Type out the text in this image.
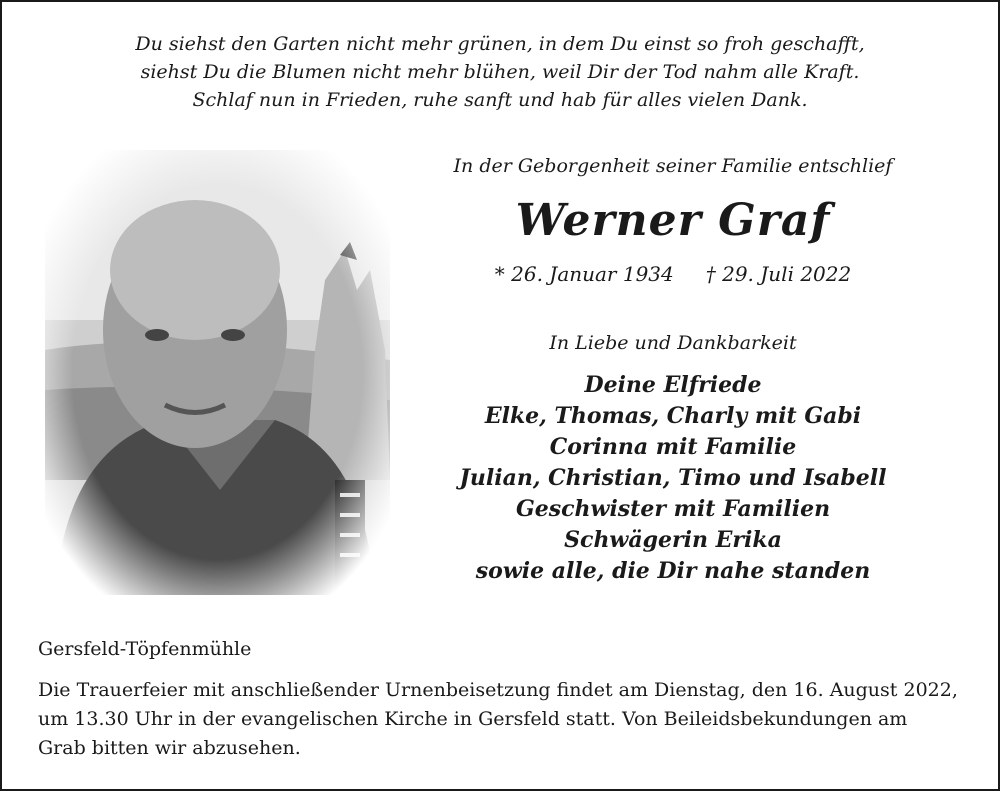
Du siehst den Garten nicht mehr grünen, in dem Du einst so froh geschafft,
siehst Du die Blumen nicht mehr blühen, weil Dir der Tod nahm alle Kraft.
Schlaf nun in Frieden, ruhe sanft und hab für alles vielen Dank.
In der Geborgenheit seiner Familie entschlief
Werner Graf
* 26. Januar 1934 † 29. Juli 2022
In Liebe und Dankbarkeit
Deine Elfriede
Elke, Thomas, Charly mit Gabi
Corinna mit Familie
Julian, Christian, Timo und Isabell
Geschwister mit Familien
Schwägerin Erika
sowie alle, die Dir nahe standen
Gersfeld-Töpfenmühle
Die Trauerfeier mit anschließender Urnenbeisetzung findet am Dienstag, den 16. August 2022,
um 13.30 Uhr in der evangelischen Kirche in Gersfeld statt. Von Beileidsbekundungen am
Grab bitten wir abzusehen.
